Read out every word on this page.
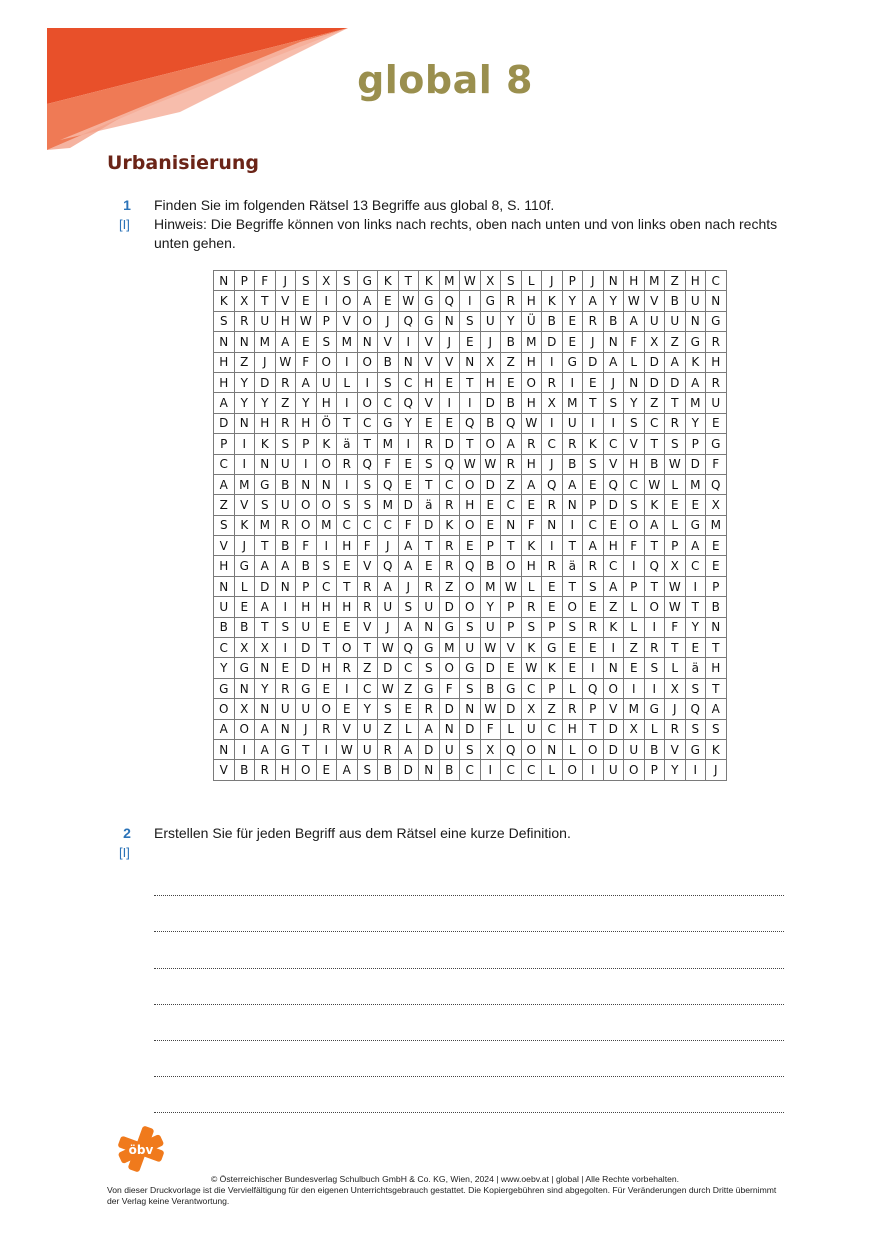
global 8
Urbanisierung
1
[I]

Finden Sie im folgenden Rätsel 13 Begriffe aus global 8, S. 110f.

Hinweis: Die Begriffe können von links nach rechts, oben nach unten und von links oben nach rechts unten gehen.

N	P	F	J	S	X	S	G	K	T	K	M	W	X	S	L	J	P	J	N	H	M	Z	H	C
K	X	T	V	E	I	O	A	E	W	G	Q	I	G	R	H	K	Y	A	Y	W	V	B	U	N
S	R	U	H	W	P	V	O	J	Q	G	N	S	U	Y	Ü	B	E	R	B	A	U	U	N	G
N	N	M	A	E	S	M	N	V	I	V	J	E	J	B	M	D	E	J	N	F	X	Z	G	R
H	Z	J	W	F	O	I	O	B	N	V	V	N	X	Z	H	I	G	D	A	L	D	A	K	H
H	Y	D	R	A	U	L	I	S	C	H	E	T	H	E	O	R	I	E	J	N	D	D	A	R
A	Y	Y	Z	Y	H	I	O	C	Q	V	I	I	D	B	H	X	M	T	S	Y	Z	T	M	U
D	N	H	R	H	Ö	T	C	G	Y	E	E	Q	B	Q	W	I	U	I	I	S	C	R	Y	E
P	I	K	S	P	K	ä	T	M	I	R	D	T	O	A	R	C	R	K	C	V	T	S	P	G
C	I	N	U	I	O	R	Q	F	E	S	Q	W	W	R	H	J	B	S	V	H	B	W	D	F
A	M	G	B	N	N	I	S	Q	E	T	C	O	D	Z	A	Q	A	E	Q	C	W	L	M	Q
Z	V	S	U	O	O	S	S	M	D	ä	R	H	E	C	E	R	N	P	D	S	K	E	E	X
S	K	M	R	O	M	C	C	C	F	D	K	O	E	N	F	N	I	C	E	O	A	L	G	M
V	J	T	B	F	I	H	F	J	A	T	R	E	P	T	K	I	T	A	H	F	T	P	A	E
H	G	A	A	B	S	E	V	Q	A	E	R	Q	B	O	H	R	ä	R	C	I	Q	X	C	E
N	L	D	N	P	C	T	R	A	J	R	Z	O	M	W	L	E	T	S	A	P	T	W	I	P
U	E	A	I	H	H	H	R	U	S	U	D	O	Y	P	R	E	O	E	Z	L	O	W	T	B
B	B	T	S	U	E	E	V	J	A	N	G	S	U	P	S	P	S	R	K	L	I	F	Y	N
C	X	X	I	D	T	O	T	W	Q	G	M	U	W	V	K	G	E	E	I	Z	R	T	E	T
Y	G	N	E	D	H	R	Z	D	C	S	O	G	D	E	W	K	E	I	N	E	S	L	ä	H
G	N	Y	R	G	E	I	C	W	Z	G	F	S	B	G	C	P	L	Q	O	I	I	X	S	T
O	X	N	U	U	O	E	Y	S	E	R	D	N	W	D	X	Z	R	P	V	M	G	J	Q	A
A	O	A	N	J	R	V	U	Z	L	A	N	D	F	L	U	C	H	T	D	X	L	R	S	S
N	I	A	G	T	I	W	U	R	A	D	U	S	X	Q	O	N	L	O	D	U	B	V	G	K
V	B	R	H	O	E	A	S	B	D	N	B	C	I	C	C	L	O	I	U	O	P	Y	I	J
2
[I]

Erstellen Sie für jeden Begriff aus dem Rätsel eine kurze Definition.

öbv
© Österreichischer Bundesverlag Schulbuch GmbH & Co. KG, Wien, 2024 | www.oebv.at | global | Alle Rechte vorbehalten.
Von dieser Druckvorlage ist die Vervielfältigung für den eigenen Unterrichtsgebrauch gestattet. Die Kopiergebühren sind abgegolten. Für Veränderungen durch Dritte übernimmt der Verlag keine Verantwortung.
